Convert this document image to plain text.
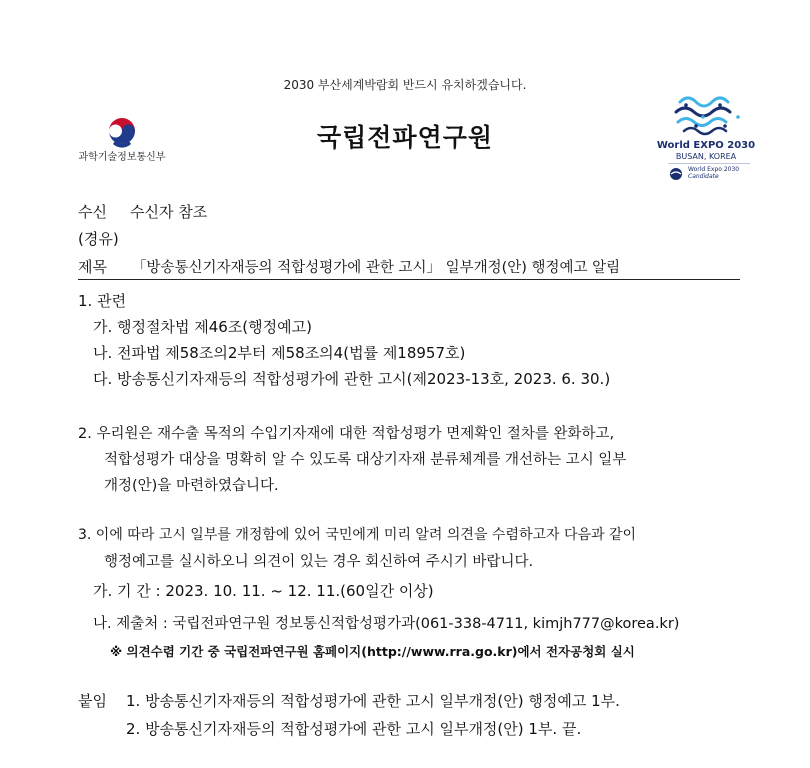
2030 부산세계박람회 반드시 유치하겠습니다.
과학기술정보통신부
국립전파연구원	World EXPO 2030
BUSAN, KOREA
World Expo 2030
Candidate
수신 수신자 참조
(경유)
제목 「방송통신기자재등의 적합성평가에 관한 고시」 일부개정(안) 행정예고 알림
1. 관련
가. 행정절차법 제46조(행정예고)
나. 전파법 제58조의2부터 제58조의4(법률 제18957호)
다. 방송통신기자재등의 적합성평가에 관한 고시(제2023-13호, 2023. 6. 30.)
2. 우리원은 재수출 목적의 수입기자재에 대한 적합성평가 면제확인 절차를 완화하고,
적합성평가 대상을 명확히 알 수 있도록 대상기자재 분류체계를 개선하는 고시 일부
개정(안)을 마련하였습니다.
3. 이에 따라 고시 일부를 개정함에 있어 국민에게 미리 알려 의견을 수렴하고자 다음과 같이
행정예고를 실시하오니 의견이 있는 경우 회신하여 주시기 바랍니다.
가. 기 간 : 2023. 10. 11. ~ 12. 11.(60일간 이상)
나. 제출처 : 국립전파연구원 정보통신적합성평가과(061-338-4711, kimjh777@korea.kr)
※ 의견수렴 기간 중 국립전파연구원 홈페이지(http://www.rra.go.kr)에서 전자공청회 실시
붙임 1. 방송통신기자재등의 적합성평가에 관한 고시 일부개정(안) 행정예고 1부.
2. 방송통신기자재등의 적합성평가에 관한 고시 일부개정(안) 1부. 끝.
